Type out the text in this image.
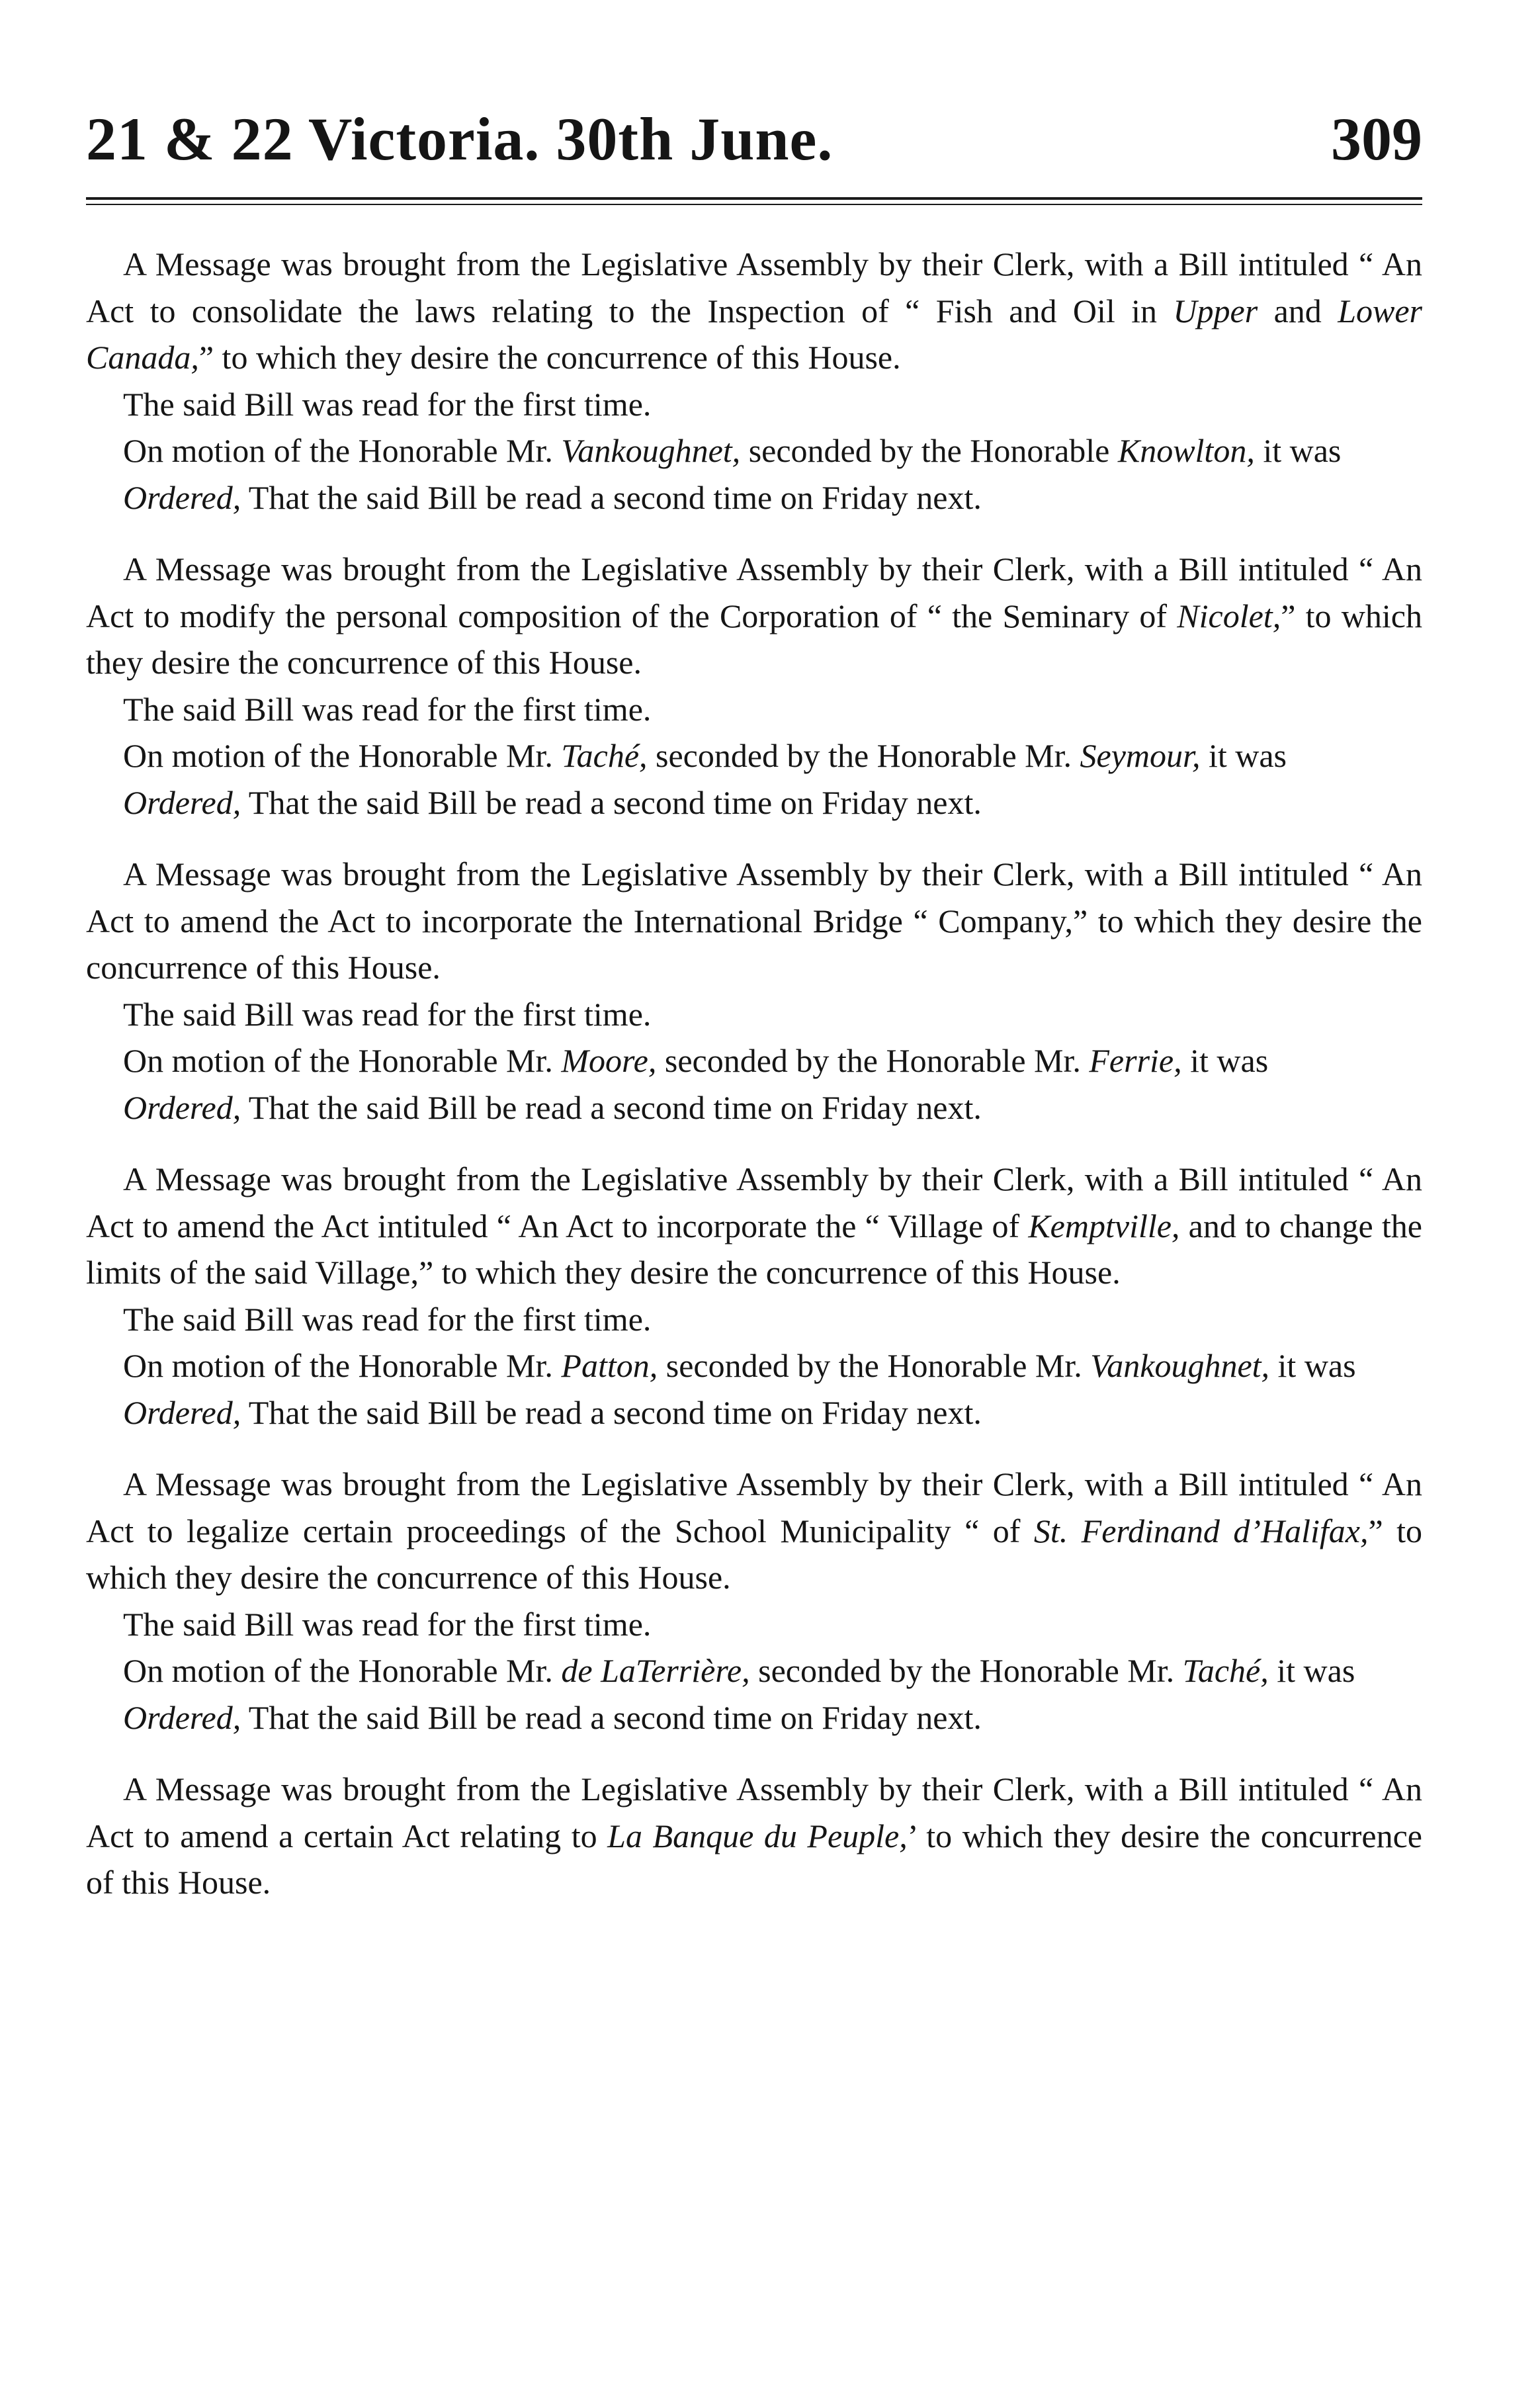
21 & 22 Victoria. 30th June.	309

A Message was brought from the Legislative Assembly by their Clerk, with a Bill intituled “ An Act to consolidate the laws relating to the Inspection of “ Fish and Oil in Upper and Lower Canada,” to which they desire the concurrence of this House.

The said Bill was read for the first time.

On motion of the Honorable Mr. Vankoughnet, seconded by the Honorable Knowlton, it was

Ordered, That the said Bill be read a second time on Friday next.

A Message was brought from the Legislative Assembly by their Clerk, with a Bill intituled “ An Act to modify the personal composition of the Corporation of “ the Seminary of Nicolet,” to which they desire the concurrence of this House.

The said Bill was read for the first time.

On motion of the Honorable Mr. Taché, seconded by the Honorable Mr. Seymour, it was

Ordered, That the said Bill be read a second time on Friday next.

A Message was brought from the Legislative Assembly by their Clerk, with a Bill intituled “ An Act to amend the Act to incorporate the International Bridge “ Company,” to which they desire the concurrence of this House.

The said Bill was read for the first time.

On motion of the Honorable Mr. Moore, seconded by the Honorable Mr. Ferrie, it was

Ordered, That the said Bill be read a second time on Friday next.

A Message was brought from the Legislative Assembly by their Clerk, with a Bill intituled “ An Act to amend the Act intituled “ An Act to incorporate the “ Village of Kemptville, and to change the limits of the said Village,” to which they desire the concurrence of this House.

The said Bill was read for the first time.

On motion of the Honorable Mr. Patton, seconded by the Honorable Mr. Vankoughnet, it was

Ordered, That the said Bill be read a second time on Friday next.

A Message was brought from the Legislative Assembly by their Clerk, with a Bill intituled “ An Act to legalize certain proceedings of the School Municipality “ of St. Ferdinand d’Halifax,” to which they desire the concurrence of this House.

The said Bill was read for the first time.

On motion of the Honorable Mr. de LaTerrière, seconded by the Honorable Mr. Taché, it was

Ordered, That the said Bill be read a second time on Friday next.

A Message was brought from the Legislative Assembly by their Clerk, with a Bill intituled “ An Act to amend a certain Act relating to La Banque du Peuple,’ to which they desire the concurrence of this House.
